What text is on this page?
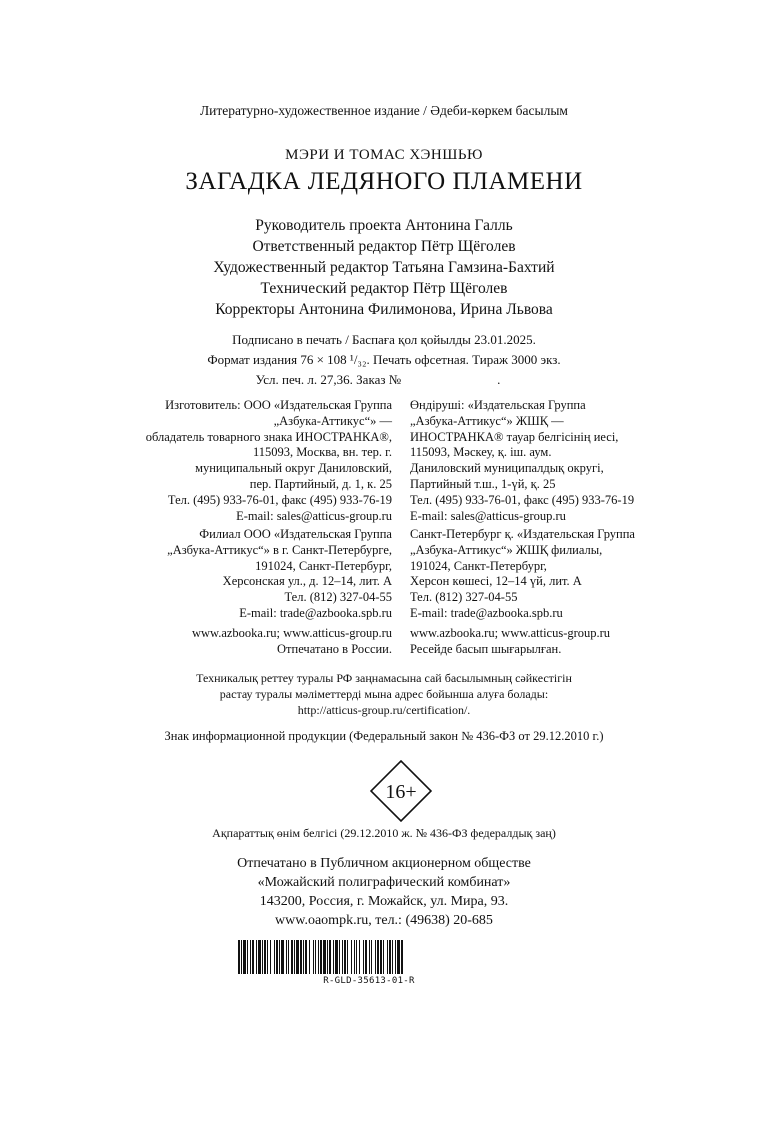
Литературно-художественное издание / Әдеби-көркем басылым
МЭРИ И ТОМАС ХЭНШЬЮ
ЗАГАДКА ЛЕДЯНОГО ПЛАМЕНИ
Руководитель проекта Антонина Галль
Ответственный редактор Пётр Щёголев
Художественный редактор Татьяна Гамзина-Бахтий
Технический редактор Пётр Щёголев
Корректоры Антонина Филимонова, Ирина Львова
Подписано в печать / Баспаға қол қойылды 23.01.2025.
Формат издания 76 × 108 ¹/₃₂. Печать офсетная. Тираж 3000 экз.
Усл. печ. л. 27,36. Заказ №	.
Изготовитель: ООО «Издательская Группа
„Азбука-Аттикус“» —
обладатель товарного знака ИНОСТРАНКА®,
115093, Москва, вн. тер. г.
муниципальный округ Даниловский,
пер. Партийный, д. 1, к. 25
Тел. (495) 933-76-01, факс (495) 933-76-19
E-mail: sales@atticus-group.ru
Өндіруші: «Издательская Группа
„Азбука-Аттикус“» ЖШҚ —
ИНОСТРАНКА® тауар белгісінің иесі,
115093, Мәскеу, қ. іш. аум.
Даниловский муниципалдық округі,
Партийный т.ш., 1-үй, қ. 25
Тел. (495) 933-76-01, факс (495) 933-76-19
E-mail: sales@atticus-group.ru
Филиал ООО «Издательская Группа
„Азбука-Аттикус“» в г. Санкт-Петербурге,
191024, Санкт-Петербург,
Херсонская ул., д. 12–14, лит. А
Тел. (812) 327-04-55
E-mail: trade@azbooka.spb.ru
Санкт-Петербург қ. «Издательская Группа
„Азбука-Аттикус“» ЖШҚ филиалы,
191024, Санкт-Петербург,
Херсон көшесі, 12–14 үй, лит. А
Тел. (812) 327-04-55
E-mail: trade@azbooka.spb.ru
www.azbooka.ru; www.atticus-group.ru
Отпечатано в России.
www.azbooka.ru; www.atticus-group.ru
Ресейде басып шығарылған.
Техникалық реттеу туралы РФ заңнамасына сай басылымның сәйкестігін
растау туралы мәліметтерді мына адрес бойынша алуға болады:
http://atticus-group.ru/certification/.
Знак информационной продукции (Федеральный закон № 436-ФЗ от 29.12.2010 г.)
16+
Ақпараттық өнім белгісі (29.12.2010 ж. № 436-ФЗ федералдық заң)
Отпечатано в Публичном акционерном обществе
«Можайский полиграфический комбинат»
143200, Россия, г. Можайск, ул. Мира, 93.
www.oaompk.ru, тел.: (49638) 20-685
R-GLD-35613-01-R
